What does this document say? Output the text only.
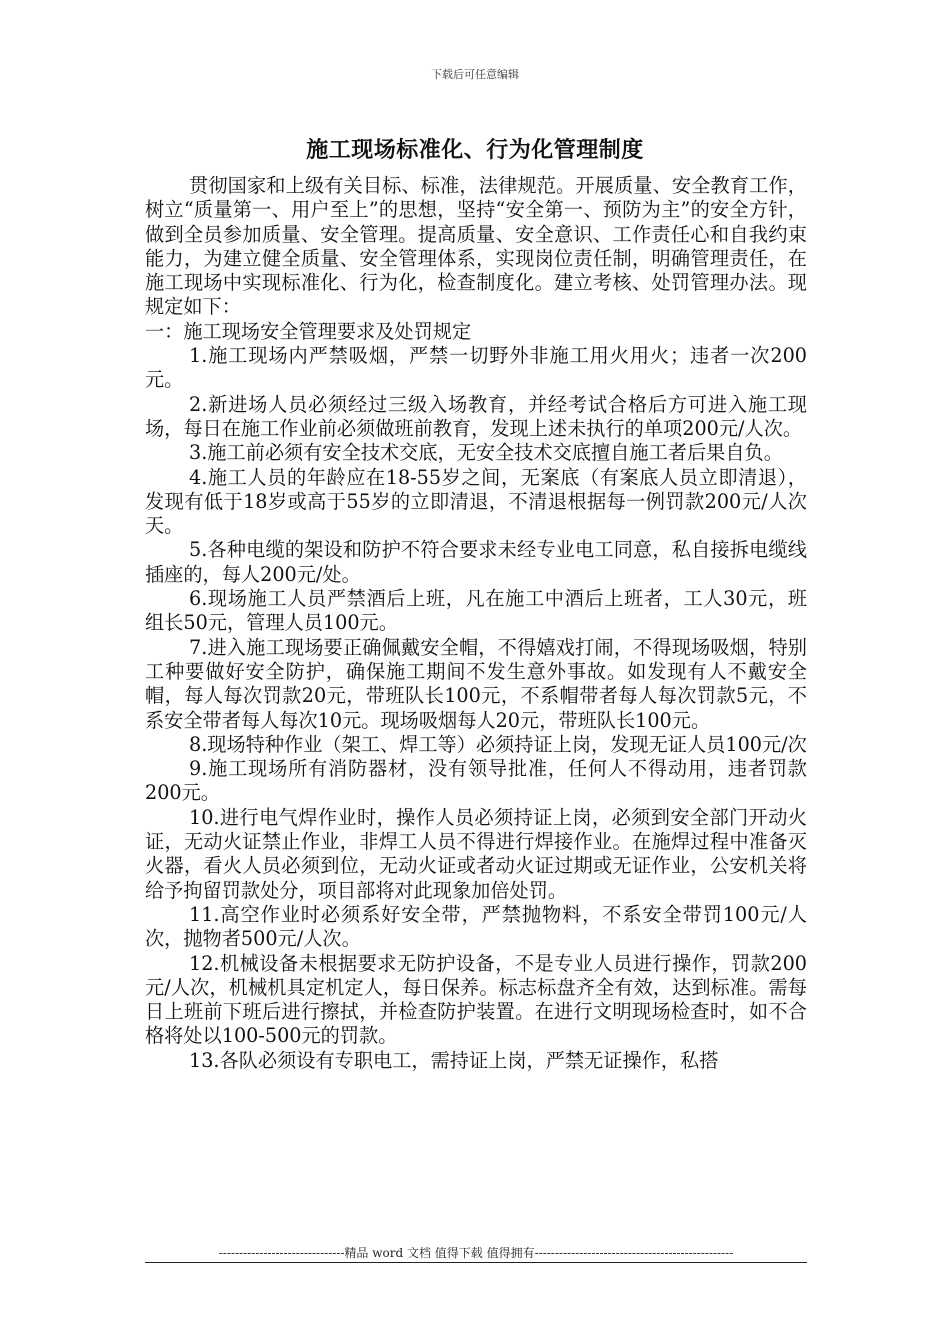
下载后可任意编辑
施工现场标准化、行为化管理制度

贯彻国家和上级有关目标、标准，法律规范。开展质量、安全教育工作，树立“质量第一、用户至上”的思想，坚持“安全第一、预防为主”的安全方针，做到全员参加质量、安全管理。提高质量、安全意识、工作责任心和自我约束能力，为建立健全质量、安全管理体系，实现岗位责任制，明确管理责任，在施工现场中实现标准化、行为化，检查制度化。建立考核、处罚管理办法。现规定如下：

一：施工现场安全管理要求及处罚规定

1.施工现场内严禁吸烟，严禁一切野外非施工用火用火；违者一次200元。

2.新进场人员必须经过三级入场教育，并经考试合格后方可进入施工现场，每日在施工作业前必须做班前教育，发现上述未执行的单项200元/人次。

3.施工前必须有安全技术交底，无安全技术交底擅自施工者后果自负。

4.施工人员的年龄应在18-55岁之间，无案底（有案底人员立即清退），发现有低于18岁或高于55岁的立即清退，不清退根据每一例罚款200元/人次天。

5.各种电缆的架设和防护不符合要求未经专业电工同意，私自接拆电缆线插座的，每人200元/处。

6.现场施工人员严禁酒后上班，凡在施工中酒后上班者，工人30元，班组长50元，管理人员100元。

7.进入施工现场要正确佩戴安全帽，不得嬉戏打闹，不得现场吸烟，特别工种要做好安全防护，确保施工期间不发生意外事故。如发现有人不戴安全帽，每人每次罚款20元，带班队长100元，不系帽带者每人每次罚款5元，不系安全带者每人每次10元。现场吸烟每人20元，带班队长100元。

8.现场特种作业（架工、焊工等）必须持证上岗，发现无证人员100元/次

9.施工现场所有消防器材，没有领导批准，任何人不得动用，违者罚款200元。

10.进行电气焊作业时，操作人员必须持证上岗，必须到安全部门开动火证，无动火证禁止作业，非焊工人员不得进行焊接作业。在施焊过程中准备灭火器，看火人员必须到位，无动火证或者动火证过期或无证作业，公安机关将给予拘留罚款处分，项目部将对此现象加倍处罚。

11.高空作业时必须系好安全带，严禁抛物料，不系安全带罚100元/人次，抛物者500元/人次。

12.机械设备未根据要求无防护设备，不是专业人员进行操作，罚款200元/人次，机械机具定机定人，每日保养。标志标盘齐全有效，达到标准。需每日上班前下班后进行擦拭，并检查防护装置。在进行文明现场检查时，如不合格将处以100-500元的罚款。

13.各队必须设有专职电工，需持证上岗，严禁无证操作，私搭

-------------------------------精品 word 文档 值得下载 值得拥有-------------------------------------------------
